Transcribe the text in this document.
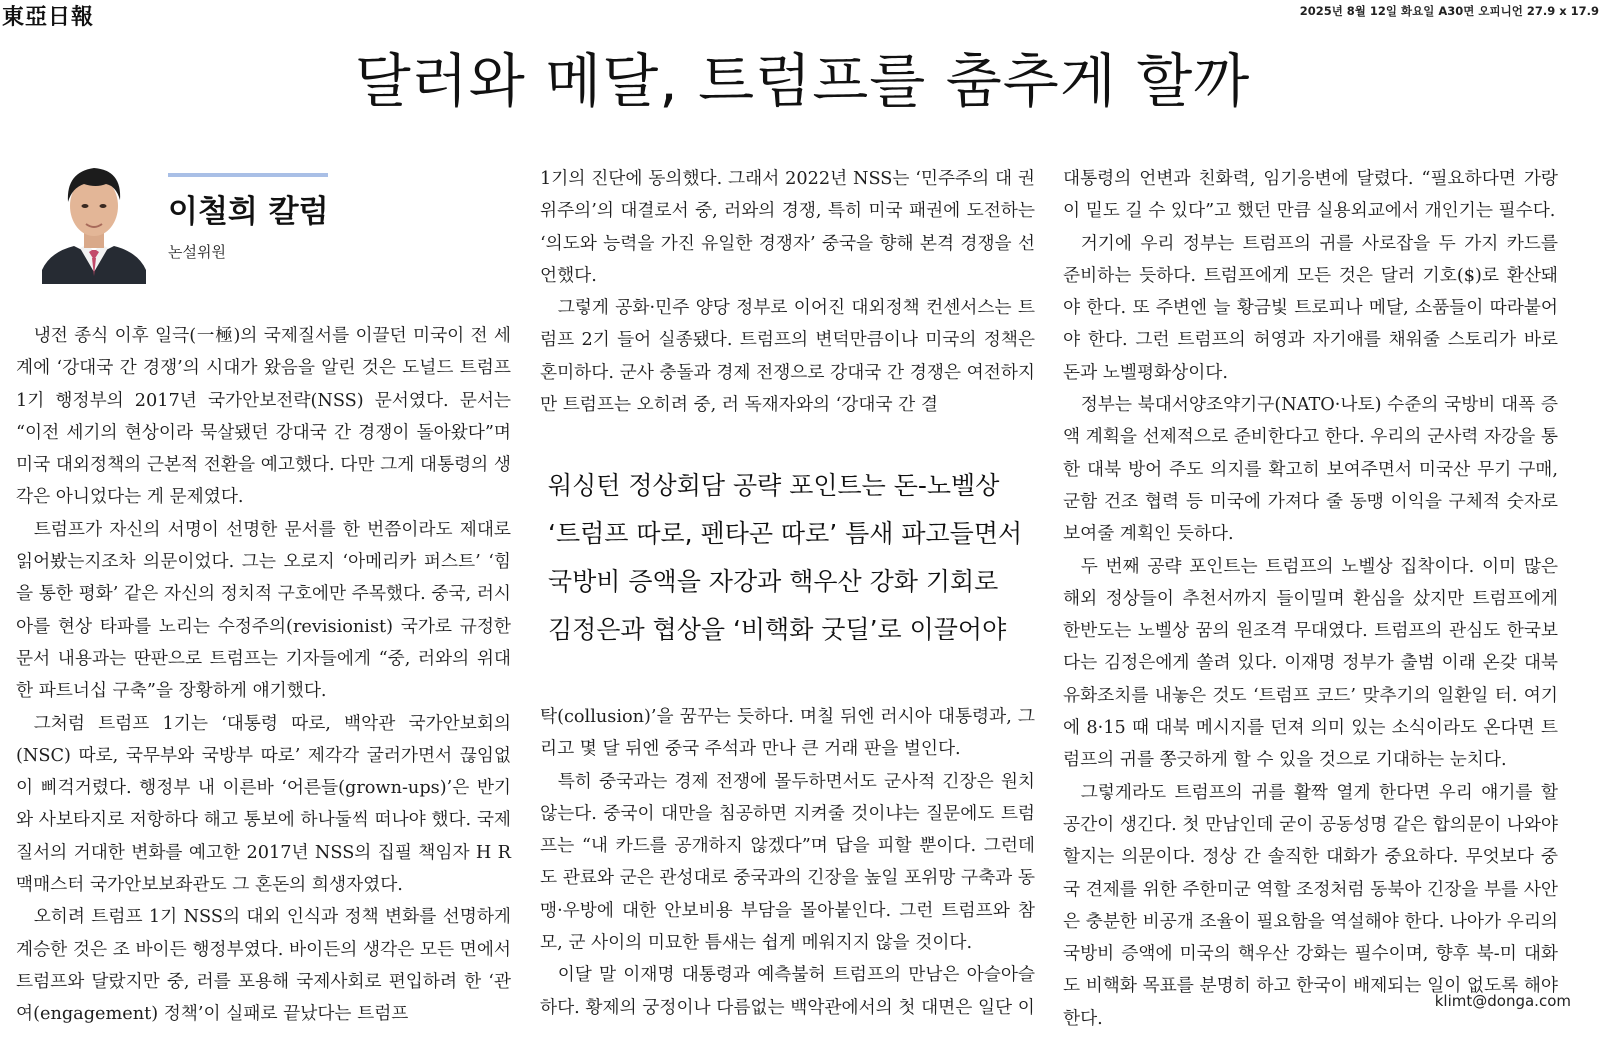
東亞日報	2025년 8월 12일 화요일 A30면 오피니언 27.9 x 17.9
달러와 메달, 트럼프를 춤추게 할까
이철희 칼럼
논설위원

냉전 종식 이후 일극(一極)의 국제질서를 이끌던 미국이 전 세계에 ‘강대국 간 경쟁’의 시대가 왔음을 알린 것은 도널드 트럼프 1기 행정부의 2017년 국가안보전략(NSS) 문서였다. 문서는 “이전 세기의 현상이라 묵살됐던 강대국 간 경쟁이 돌아왔다”며 미국 대외정책의 근본적 전환을 예고했다. 다만 그게 대통령의 생각은 아니었다는 게 문제였다.

트럼프가 자신의 서명이 선명한 문서를 한 번쯤이라도 제대로 읽어봤는지조차 의문이었다. 그는 오로지 ‘아메리카 퍼스트’ ‘힘을 통한 평화’ 같은 자신의 정치적 구호에만 주목했다. 중국, 러시아를 현상 타파를 노리는 수정주의(revisionist) 국가로 규정한 문서 내용과는 딴판으로 트럼프는 기자들에게 “중, 러와의 위대한 파트너십 구축”을 장황하게 얘기했다.

그처럼 트럼프 1기는 ‘대통령 따로, 백악관 국가안보회의(NSC) 따로, 국무부와 국방부 따로’ 제각각 굴러가면서 끊임없이 삐걱거렸다. 행정부 내 이른바 ‘어른들(grown-ups)’은 반기와 사보타지로 저항하다 해고 통보에 하나둘씩 떠나야 했다. 국제질서의 거대한 변화를 예고한 2017년 NSS의 집필 책임자 H R 맥매스터 국가안보보좌관도 그 혼돈의 희생자였다.

오히려 트럼프 1기 NSS의 대외 인식과 정책 변화를 선명하게 계승한 것은 조 바이든 행정부였다. 바이든의 생각은 모든 면에서 트럼프와 달랐지만 중, 러를 포용해 국제사회로 편입하려 한 ‘관여(engagement) 정책’이 실패로 끝났다는 트럼프

1기의 진단에 동의했다. 그래서 2022년 NSS는 ‘민주주의 대 권위주의’의 대결로서 중, 러와의 경쟁, 특히 미국 패권에 도전하는 ‘의도와 능력을 가진 유일한 경쟁자’ 중국을 향해 본격 경쟁을 선언했다.

그렇게 공화·민주 양당 정부로 이어진 대외정책 컨센서스는 트럼프 2기 들어 실종됐다. 트럼프의 변덕만큼이나 미국의 정책은 혼미하다. 군사 충돌과 경제 전쟁으로 강대국 간 경쟁은 여전하지만 트럼프는 오히려 중, 러 독재자와의 ‘강대국 간 결

워싱턴 정상회담 공략 포인트는 돈-노벨상
‘트럼프 따로, 펜타곤 따로’ 틈새 파고들면서
국방비 증액을 자강과 핵우산 강화 기회로
김정은과 협상을 ‘비핵화 굿딜’로 이끌어야

탁(collusion)’을 꿈꾸는 듯하다. 며칠 뒤엔 러시아 대통령과, 그리고 몇 달 뒤엔 중국 주석과 만나 큰 거래 판을 벌인다.

특히 중국과는 경제 전쟁에 몰두하면서도 군사적 긴장은 원치 않는다. 중국이 대만을 침공하면 지켜줄 것이냐는 질문에도 트럼프는 “내 카드를 공개하지 않겠다”며 답을 피할 뿐이다. 그런데도 관료와 군은 관성대로 중국과의 긴장을 높일 포위망 구축과 동맹·우방에 대한 안보비용 부담을 몰아붙인다. 그런 트럼프와 참모, 군 사이의 미묘한 틈새는 쉽게 메워지지 않을 것이다.

이달 말 이재명 대통령과 예측불허 트럼프의 만남은 아슬아슬하다. 황제의 궁정이나 다름없는 백악관에서의 첫 대면은 일단 이

대통령의 언변과 친화력, 임기응변에 달렸다. “필요하다면 가랑이 밑도 길 수 있다”고 했던 만큼 실용외교에서 개인기는 필수다.

거기에 우리 정부는 트럼프의 귀를 사로잡을 두 가지 카드를 준비하는 듯하다. 트럼프에게 모든 것은 달러 기호($)로 환산돼야 한다. 또 주변엔 늘 황금빛 트로피나 메달, 소품들이 따라붙어야 한다. 그런 트럼프의 허영과 자기애를 채워줄 스토리가 바로 돈과 노벨평화상이다.

정부는 북대서양조약기구(NATO·나토) 수준의 국방비 대폭 증액 계획을 선제적으로 준비한다고 한다. 우리의 군사력 자강을 통한 대북 방어 주도 의지를 확고히 보여주면서 미국산 무기 구매, 군함 건조 협력 등 미국에 가져다 줄 동맹 이익을 구체적 숫자로 보여줄 계획인 듯하다.

두 번째 공략 포인트는 트럼프의 노벨상 집착이다. 이미 많은 해외 정상들이 추천서까지 들이밀며 환심을 샀지만 트럼프에게 한반도는 노벨상 꿈의 원조격 무대였다. 트럼프의 관심도 한국보다는 김정은에게 쏠려 있다. 이재명 정부가 출범 이래 온갖 대북 유화조치를 내놓은 것도 ‘트럼프 코드’ 맞추기의 일환일 터. 여기에 8·15 때 대북 메시지를 던져 의미 있는 소식이라도 온다면 트럼프의 귀를 쫑긋하게 할 수 있을 것으로 기대하는 눈치다.

그렇게라도 트럼프의 귀를 활짝 열게 한다면 우리 얘기를 할 공간이 생긴다. 첫 만남인데 굳이 공동성명 같은 합의문이 나와야 할지는 의문이다. 정상 간 솔직한 대화가 중요하다. 무엇보다 중국 견제를 위한 주한미군 역할 조정처럼 동북아 긴장을 부를 사안은 충분한 비공개 조율이 필요함을 역설해야 한다. 나아가 우리의 국방비 증액에 미국의 핵우산 강화는 필수이며, 향후 북-미 대화도 비핵화 목표를 분명히 하고 한국이 배제되는 일이 없도록 해야 한다.

klimt@donga.com
